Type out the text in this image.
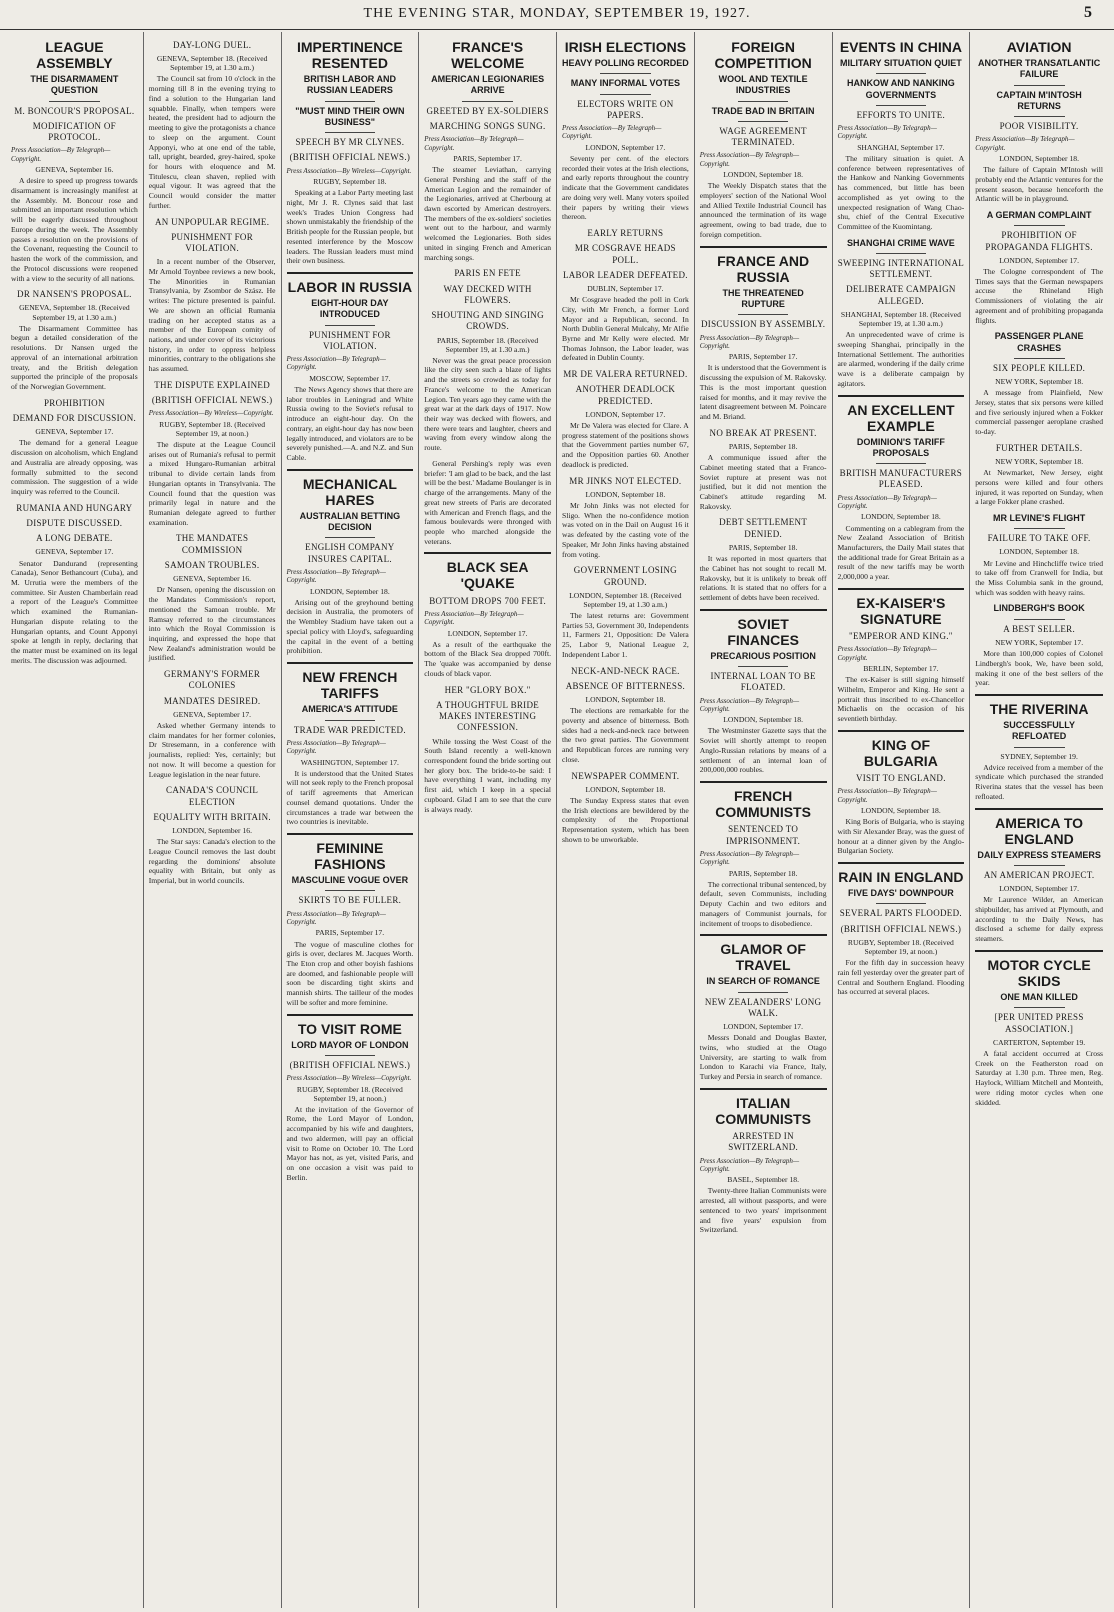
THE EVENING STAR, MONDAY, SEPTEMBER 19, 1927.	5
LEAGUE ASSEMBLY
THE DISARMAMENT QUESTION
M. BONCOUR'S PROPOSAL.
MODIFICATION OF PROTOCOL.
Press Association—By Telegraph—Copyright.
GENEVA, September 16.

A desire to speed up progress towards disarmament is increasingly manifest at the Assembly. M. Boncour rose and submitted an important resolution which will be eagerly discussed throughout Europe during the week. The Assembly passes a resolution on the provisions of the Covenant, requesting the Council to hasten the work of the commission, and the Protocol discussions were reopened with a view to the security of all nations.

DR NANSEN'S PROPOSAL.
GENEVA, September 18. (Received September 19, at 1.30 a.m.)

The Disarmament Committee has begun a detailed consideration of the resolutions. Dr Nansen urged the approval of an international arbitration treaty, and the British delegation supported the principle of the proposals of the Norwegian Government.

PROHIBITION
DEMAND FOR DISCUSSION.
GENEVA, September 17.

The demand for a general League discussion on alcoholism, which England and Australia are already opposing, was formally submitted to the second commission. The suggestion of a wide inquiry was referred to the Council.

RUMANIA AND HUNGARY
DISPUTE DISCUSSED.
A LONG DEBATE.
GENEVA, September 17.

Senator Dandurand (representing Canada), Senor Bethancourt (Cuba), and M. Urrutia were the members of the committee. Sir Austen Chamberlain read a report of the League's Committee which examined the Rumanian-Hungarian dispute relating to the Hungarian optants, and Count Apponyi spoke at length in reply, declaring that the matter must be examined on its legal merits. The discussion was adjourned.

DAY-LONG DUEL.
GENEVA, September 18. (Received September 19, at 1.30 a.m.)

The Council sat from 10 o'clock in the morning till 8 in the evening trying to find a solution to the Hungarian land squabble. Finally, when tempers were heated, the president had to adjourn the meeting to give the protagonists a chance to sleep on the argument. Count Apponyi, who at one end of the table, tall, upright, bearded, grey-haired, spoke for hours with eloquence and M. Titulescu, clean shaven, replied with equal vigour. It was agreed that the Council would consider the matter further.

AN UNPOPULAR REGIME.
PUNISHMENT FOR VIOLATION.

In a recent number of the Observer, Mr Arnold Toynbee reviews a new book, The Minorities in Rumanian Transylvania, by Zsombor de Szász. He writes: The picture presented is painful. We are shown an official Rumania trading on her accepted status as a member of the European comity of nations, and under cover of its victorious history, in order to oppress helpless minorities, contrary to the obligations she has assumed.

THE DISPUTE EXPLAINED
(BRITISH OFFICIAL NEWS.)
Press Association—By Wireless—Copyright.
RUGBY, September 18. (Received September 19, at noon.)

The dispute at the League Council arises out of Rumania's refusal to permit a mixed Hungaro-Rumanian arbitral tribunal to divide certain lands from Hungarian optants in Transylvania. The Council found that the question was primarily legal in nature and the Rumanian delegate agreed to further examination.

THE MANDATES COMMISSION
SAMOAN TROUBLES.
GENEVA, September 16.

Dr Nansen, opening the discussion on the Mandates Commission's report, mentioned the Samoan trouble. Mr Ramsay referred to the circumstances into which the Royal Commission is inquiring, and expressed the hope that New Zealand's administration would be justified.

GERMANY'S FORMER COLONIES
MANDATES DESIRED.
GENEVA, September 17.

Asked whether Germany intends to claim mandates for her former colonies, Dr Stresemann, in a conference with journalists, replied: Yes, certainly; but not now. It will become a question for League legislation in the near future.

CANADA'S COUNCIL ELECTION
EQUALITY WITH BRITAIN.
LONDON, September 16.

The Star says: Canada's election to the League Council removes the last doubt regarding the dominions' absolute equality with Britain, but only as Imperial, but in world councils.

IMPERTINENCE RESENTED
BRITISH LABOR AND RUSSIAN LEADERS
"MUST MIND THEIR OWN BUSINESS"
SPEECH BY MR CLYNES.
(BRITISH OFFICIAL NEWS.)
Press Association—By Wireless—Copyright.
RUGBY, September 18.

Speaking at a Labor Party meeting last night, Mr J. R. Clynes said that last week's Trades Union Congress had shown unmistakably the friendship of the British people for the Russian people, but resented interference by the Moscow leaders. The Russian leaders must mind their own business.

LABOR IN RUSSIA
EIGHT-HOUR DAY INTRODUCED
PUNISHMENT FOR VIOLATION.
Press Association—By Telegraph—Copyright.
MOSCOW, September 17.

The News Agency shows that there are labor troubles in Leningrad and White Russia owing to the Soviet's refusal to introduce an eight-hour day. On the contrary, an eight-hour day has now been legally introduced, and violators are to be severely punished.—A. and N.Z. and Sun Cable.

MECHANICAL HARES
AUSTRALIAN BETTING DECISION
ENGLISH COMPANY INSURES CAPITAL.
Press Association—By Telegraph—Copyright.
LONDON, September 18.

Arising out of the greyhound betting decision in Australia, the promoters of the Wembley Stadium have taken out a special policy with Lloyd's, safeguarding the capital in the event of a betting prohibition.

NEW FRENCH TARIFFS
AMERICA'S ATTITUDE
TRADE WAR PREDICTED.
Press Association—By Telegraph—Copyright.
WASHINGTON, September 17.

It is understood that the United States will not seek reply to the French proposal of tariff agreements that American counsel demand quotations. Under the circumstances a trade war between the two countries is inevitable.

FEMININE FASHIONS
MASCULINE VOGUE OVER
SKIRTS TO BE FULLER.
Press Association—By Telegraph—Copyright.
PARIS, September 17.

The vogue of masculine clothes for girls is over, declares M. Jacques Worth. The Eton crop and other boyish fashions are doomed, and fashionable people will soon be discarding tight skirts and mannish shirts. The tailleur of the modes will be softer and more feminine.

TO VISIT ROME
LORD MAYOR OF LONDON
(BRITISH OFFICIAL NEWS.)
Press Association—By Wireless—Copyright.
RUGBY, September 18. (Received September 19, at noon.)

At the invitation of the Governor of Rome, the Lord Mayor of London, accompanied by his wife and daughters, and two aldermen, will pay an official visit to Rome on October 10. The Lord Mayor has not, as yet, visited Paris, and on one occasion a visit was paid to Berlin.

FRANCE'S WELCOME
AMERICAN LEGIONARIES ARRIVE
GREETED BY EX-SOLDIERS
MARCHING SONGS SUNG.
Press Association—By Telegraph—Copyright.
PARIS, September 17.

The steamer Leviathan, carrying General Pershing and the staff of the American Legion and the remainder of the Legionaries, arrived at Cherbourg at dawn escorted by American destroyers. The members of the ex-soldiers' societies went out to the harbour, and warmly welcomed the Legionaries. Both sides united in singing French and American marching songs.

PARIS EN FETE
WAY DECKED WITH FLOWERS.
SHOUTING AND SINGING CROWDS.
PARIS, September 18. (Received September 19, at 1.30 a.m.)

Never was the great peace procession like the city seen such a blaze of lights and the streets so crowded as today for France's welcome to the American Legion. Ten years ago they came with the great war at the dark days of 1917. Now their way was decked with flowers, and there were tears and laughter, cheers and waving from every window along the route.

General Pershing's reply was even briefer: 'I am glad to be back, and the last will be the best.' Madame Boulanger is in charge of the arrangements. Many of the great new streets of Paris are decorated with American and French flags, and the famous boulevards were thronged with people who marched alongside the veterans.

BLACK SEA 'QUAKE
BOTTOM DROPS 700 FEET.
Press Association—By Telegraph—Copyright.
LONDON, September 17.

As a result of the earthquake the bottom of the Black Sea dropped 700ft. The 'quake was accompanied by dense clouds of black vapor.

HER "GLORY BOX."
A THOUGHTFUL BRIDE MAKES INTERESTING CONFESSION.

While tossing the West Coast of the South Island recently a well-known correspondent found the bride sorting out her glory box. The bride-to-be said: I have everything I want, including my first aid, which I keep in a special cupboard. Glad I am to see that the cure is always ready.

IRISH ELECTIONS
HEAVY POLLING RECORDED
MANY INFORMAL VOTES
ELECTORS WRITE ON PAPERS.
Press Association—By Telegraph—Copyright.
LONDON, September 17.

Seventy per cent. of the electors recorded their votes at the Irish elections, and early reports throughout the country indicate that the Government candidates are doing very well. Many voters spoiled their papers by writing their views thereon.

EARLY RETURNS
MR COSGRAVE HEADS POLL.
LABOR LEADER DEFEATED.
DUBLIN, September 17.

Mr Cosgrave headed the poll in Cork City, with Mr French, a former Lord Mayor and a Republican, second. In North Dublin General Mulcahy, Mr Alfie Byrne and Mr Kelly were elected. Mr Thomas Johnson, the Labor leader, was defeated in Dublin County.

MR DE VALERA RETURNED.
ANOTHER DEADLOCK PREDICTED.
LONDON, September 17.

Mr De Valera was elected for Clare. A progress statement of the positions shows that the Government parties number 67, and the Opposition parties 60. Another deadlock is predicted.

MR JINKS NOT ELECTED.
LONDON, September 18.

Mr John Jinks was not elected for Sligo. When the no-confidence motion was voted on in the Dail on August 16 it was defeated by the casting vote of the Speaker, Mr John Jinks having abstained from voting.

GOVERNMENT LOSING GROUND.
LONDON, September 18. (Received September 19, at 1.30 a.m.)

The latest returns are: Government Parties 53, Government 30, Independents 11, Farmers 21, Opposition: De Valera 25, Labor 9, National League 2, Independent Labor 1.

NECK-AND-NECK RACE.
ABSENCE OF BITTERNESS.
LONDON, September 18.

The elections are remarkable for the poverty and absence of bitterness. Both sides had a neck-and-neck race between the two great parties. The Government and Republican forces are running very close.

NEWSPAPER COMMENT.
LONDON, September 18.

The Sunday Express states that even the Irish elections are bewildered by the complexity of the Proportional Representation system, which has been shown to be unworkable.

FOREIGN COMPETITION
WOOL AND TEXTILE INDUSTRIES
TRADE BAD IN BRITAIN
WAGE AGREEMENT TERMINATED.
Press Association—By Telegraph—Copyright.
LONDON, September 18.

The Weekly Dispatch states that the employers' section of the National Wool and Allied Textile Industrial Council has announced the termination of its wage agreement, owing to bad trade, due to foreign competition.

FRANCE AND RUSSIA
THE THREATENED RUPTURE
DISCUSSION BY ASSEMBLY.
Press Association—By Telegraph—Copyright.
PARIS, September 17.

It is understood that the Government is discussing the expulsion of M. Rakovsky. This is the most important question raised for months, and it may revive the latent disagreement between M. Poincare and M. Briand.

NO BREAK AT PRESENT.
PARIS, September 18.

A communique issued after the Cabinet meeting stated that a Franco-Soviet rupture at present was not justified, but it did not mention the Cabinet's attitude regarding M. Rakovsky.

DEBT SETTLEMENT DENIED.
PARIS, September 18.

It was reported in most quarters that the Cabinet has not sought to recall M. Rakovsky, but it is unlikely to break off relations. It is stated that no offers for a settlement of debts have been received.

SOVIET FINANCES
PRECARIOUS POSITION
INTERNAL LOAN TO BE FLOATED.
Press Association—By Telegraph—Copyright.
LONDON, September 18.

The Westminster Gazette says that the Soviet will shortly attempt to reopen Anglo-Russian relations by means of a settlement of an internal loan of 200,000,000 roubles.

FRENCH COMMUNISTS
SENTENCED TO IMPRISONMENT.
Press Association—By Telegraph—Copyright.
PARIS, September 18.

The correctional tribunal sentenced, by default, seven Communists, including Deputy Cachin and two editors and managers of Communist journals, for incitement of troops to disobedience.

GLAMOR OF TRAVEL
IN SEARCH OF ROMANCE
NEW ZEALANDERS' LONG WALK.
LONDON, September 17.

Messrs Donald and Douglas Baxter, twins, who studied at the Otago University, are starting to walk from London to Karachi via France, Italy, Turkey and Persia in search of romance.

ITALIAN COMMUNISTS
ARRESTED IN SWITZERLAND.
Press Association—By Telegraph—Copyright.
BASEL, September 18.

Twenty-three Italian Communists were arrested, all without passports, and were sentenced to two years' imprisonment and five years' expulsion from Switzerland.

EVENTS IN CHINA
MILITARY SITUATION QUIET
HANKOW AND NANKING GOVERNMENTS
EFFORTS TO UNITE.
Press Association—By Telegraph—Copyright.
SHANGHAI, September 17.

The military situation is quiet. A conference between representatives of the Hankow and Nanking Governments has commenced, but little has been accomplished as yet owing to the unexpected resignation of Wang Chao-shu, chief of the Central Executive Committee of the Kuomintang.

SHANGHAI CRIME WAVE
SWEEPING INTERNATIONAL SETTLEMENT.
DELIBERATE CAMPAIGN ALLEGED.
SHANGHAI, September 18. (Received September 19, at 1.30 a.m.)

An unprecedented wave of crime is sweeping Shanghai, principally in the International Settlement. The authorities are alarmed, wondering if the daily crime wave is a deliberate campaign by agitators.

AN EXCELLENT EXAMPLE
DOMINION'S TARIFF PROPOSALS
BRITISH MANUFACTURERS PLEASED.
Press Association—By Telegraph—Copyright.
LONDON, September 18.

Commenting on a cablegram from the New Zealand Association of British Manufacturers, the Daily Mail states that the additional trade for Great Britain as a result of the new tariffs may be worth 2,000,000 a year.

EX-KAISER'S SIGNATURE
"EMPEROR AND KING."
Press Association—By Telegraph—Copyright.
BERLIN, September 17.

The ex-Kaiser is still signing himself Wilhelm, Emperor and King. He sent a portrait thus inscribed to ex-Chancellor Michaelis on the occasion of his seventieth birthday.

KING OF BULGARIA
VISIT TO ENGLAND.
Press Association—By Telegraph—Copyright.
LONDON, September 18.

King Boris of Bulgaria, who is staying with Sir Alexander Bray, was the guest of honour at a dinner given by the Anglo-Bulgarian Society.

RAIN IN ENGLAND
FIVE DAYS' DOWNPOUR
SEVERAL PARTS FLOODED.
(BRITISH OFFICIAL NEWS.)
RUGBY, September 18. (Received September 19, at noon.)

For the fifth day in succession heavy rain fell yesterday over the greater part of Central and Southern England. Flooding has occurred at several places.

AVIATION
ANOTHER TRANSATLANTIC FAILURE
CAPTAIN M'INTOSH RETURNS
POOR VISIBILITY.
Press Association—By Telegraph—Copyright.
LONDON, September 18.

The failure of Captain M'Intosh will probably end the Atlantic ventures for the present season, because henceforth the Atlantic will be in playground.

A GERMAN COMPLAINT
PROHIBITION OF PROPAGANDA FLIGHTS.
LONDON, September 17.

The Cologne correspondent of The Times says that the German newspapers accuse the Rhineland High Commissioners of violating the air agreement and of prohibiting propaganda flights.

PASSENGER PLANE CRASHES
SIX PEOPLE KILLED.
NEW YORK, September 18.

A message from Plainfield, New Jersey, states that six persons were killed and five seriously injured when a Fokker commercial passenger aeroplane crashed to-day.

FURTHER DETAILS.
NEW YORK, September 18.

At Newmarket, New Jersey, eight persons were killed and four others injured, it was reported on Sunday, when a large Fokker plane crashed.

MR LEVINE'S FLIGHT
FAILURE TO TAKE OFF.
LONDON, September 18.

Mr Levine and Hinchcliffe twice tried to take off from Cranwell for India, but the Miss Columbia sank in the ground, which was sodden with heavy rains.

LINDBERGH'S BOOK
A BEST SELLER.
NEW YORK, September 17.

More than 100,000 copies of Colonel Lindbergh's book, We, have been sold, making it one of the best sellers of the year.

THE RIVERINA
SUCCESSFULLY REFLOATED
SYDNEY, September 19.

Advice received from a member of the syndicate which purchased the stranded Riverina states that the vessel has been refloated.

AMERICA TO ENGLAND
DAILY EXPRESS STEAMERS
AN AMERICAN PROJECT.
LONDON, September 17.

Mr Laurence Wilder, an American shipbuilder, has arrived at Plymouth, and according to the Daily News, has disclosed a scheme for daily express steamers.

MOTOR CYCLE SKIDS
ONE MAN KILLED
[PER UNITED PRESS ASSOCIATION.]
CARTERTON, September 19.

A fatal accident occurred at Cross Creek on the Featherston road on Saturday at 1.30 p.m. Three men, Reg. Haylock, William Mitchell and Monteith, were riding motor cycles when one skidded.
